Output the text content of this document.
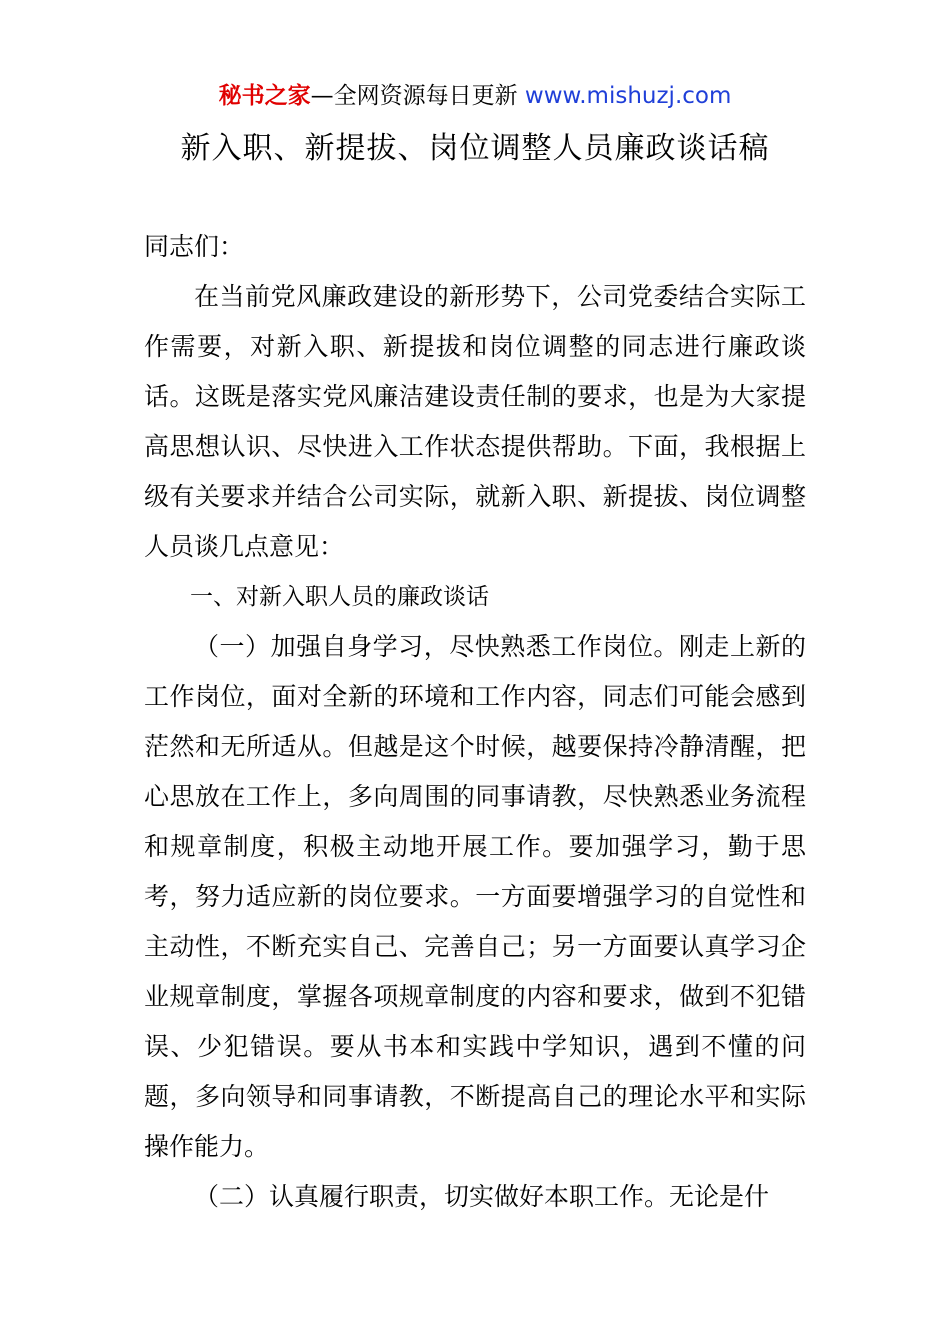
秘书之家—全网资源每日更新 www.mishuzj.com
新入职、新提拔、岗位调整人员廉政谈话稿

同志们：

在当前党风廉政建设的新形势下，公司党委结合实际工作需要，对新入职、新提拔和岗位调整的同志进行廉政谈话。这既是落实党风廉洁建设责任制的要求，也是为大家提高思想认识、尽快进入工作状态提供帮助。下面，我根据上级有关要求并结合公司实际，就新入职、新提拔、岗位调整人员谈几点意见：

一、对新入职人员的廉政谈话

（一）加强自身学习，尽快熟悉工作岗位。刚走上新的工作岗位，面对全新的环境和工作内容，同志们可能会感到茫然和无所适从。但越是这个时候，越要保持冷静清醒，把心思放在工作上，多向周围的同事请教，尽快熟悉业务流程和规章制度，积极主动地开展工作。要加强学习，勤于思考，努力适应新的岗位要求。一方面要增强学习的自觉性和主动性，不断充实自己、完善自己；另一方面要认真学习企业规章制度，掌握各项规章制度的内容和要求，做到不犯错误、少犯错误。要从书本和实践中学知识，遇到不懂的问题，多向领导和同事请教，不断提高自己的理论水平和实际操作能力。

（二）认真履行职责，切实做好本职工作。无论是什
